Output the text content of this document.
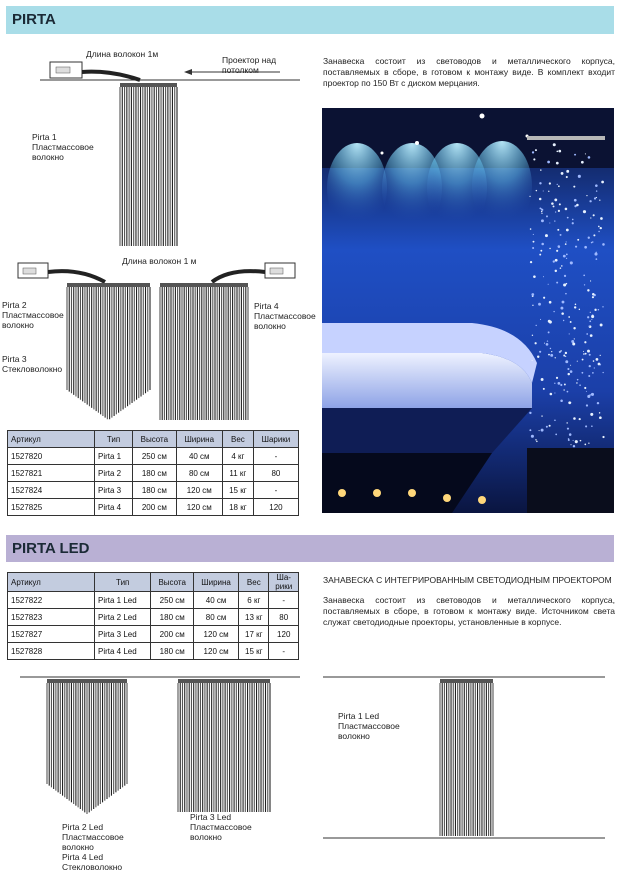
PIRTA
Длина волокон 1м
Проектор над
потолком
Pirta 1
Пластмассовое
волокно
Длина волокон 1 м
Pirta 2
Пластмассовое
волокно
Pirta 3
Стекловолокно
Pirta 4
Пластмассовое
волокно
Занавеска состоит из световодов и металлического корпуса, поставляемых в сборе, в готовом к монтажу виде. В комплект входит проектор по 150 Вт с диском мерцания.
Артикул	Тип	Высота	Ширина	Вес	Шарики
1527820	Pirta 1	250 см	40 см	4 кг	-
1527821	Pirta 2	180 см	80 см	11 кг	80
1527824	Pirta 3	180 см	120 см	15 кг	-
1527825	Pirta 4	200 см	120 см	18 кг	120
PIRTA LED
Артикул	Тип	Высота	Ширина	Вес	Ша-
рики
1527822	Pirta 1 Led	250 см	40 см	6 кг	-
1527823	Pirta 2 Led	180 см	80 см	13 кг	80
1527827	Pirta 3 Led	200 см	120 см	17 кг	120
1527828	Pirta 4 Led	180 см	120 см	15 кг	-
ЗАНАВЕСКА С ИНТЕГРИРОВАННЫМ СВЕТОДИОДНЫМ ПРОЕКТОРОМ
Занавеска состоит из световодов и металлического корпуса, поставляемых в сборе, в готовом к монтажу виде. Источником света служат светодиодные проекторы, установленные в корпусе.
Pirta 1 Led
Пластмассовое
волокно
Pirta 2 Led
Пластмассовое
волокно
Pirta 4 Led
Стекловолокно
Pirta 3 Led
Пластмассовое
волокно
